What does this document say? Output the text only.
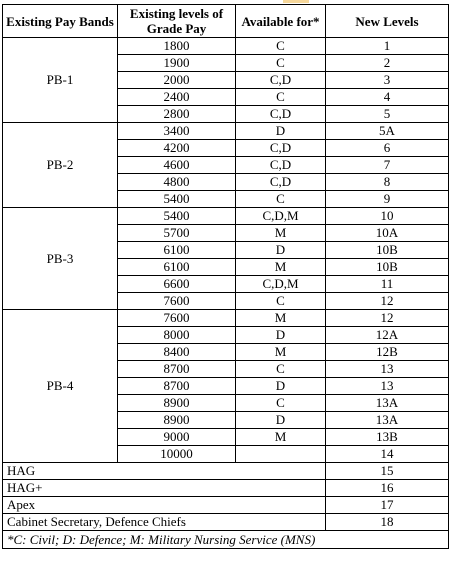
Existing Pay Bands	Existing levels of Grade Pay	Available for*	New Levels
PB-1	1800	C	1
	1900	C	2
	2000	C,D	3
	2400	C	4
	2800	C,D	5
PB-2	3400	D	5A
	4200	C,D	6
	4600	C,D	7
	4800	C,D	8
	5400	C	9
PB-3	5400	C,D,M	10
	5700	M	10A
	6100	D	10B
	6100	M	10B
	6600	C,D,M	11
	7600	C	12
PB-4	7600	M	12
	8000	D	12A
	8400	M	12B
	8700	C	13
	8700	D	13
	8900	C	13A
	8900	D	13A
	9000	M	13B
	10000		14
HAG			15
HAG+			16
Apex			17
Cabinet Secretary, Defence Chiefs			18
*C: Civil; D: Defence; M: Military Nursing Service (MNS)			
